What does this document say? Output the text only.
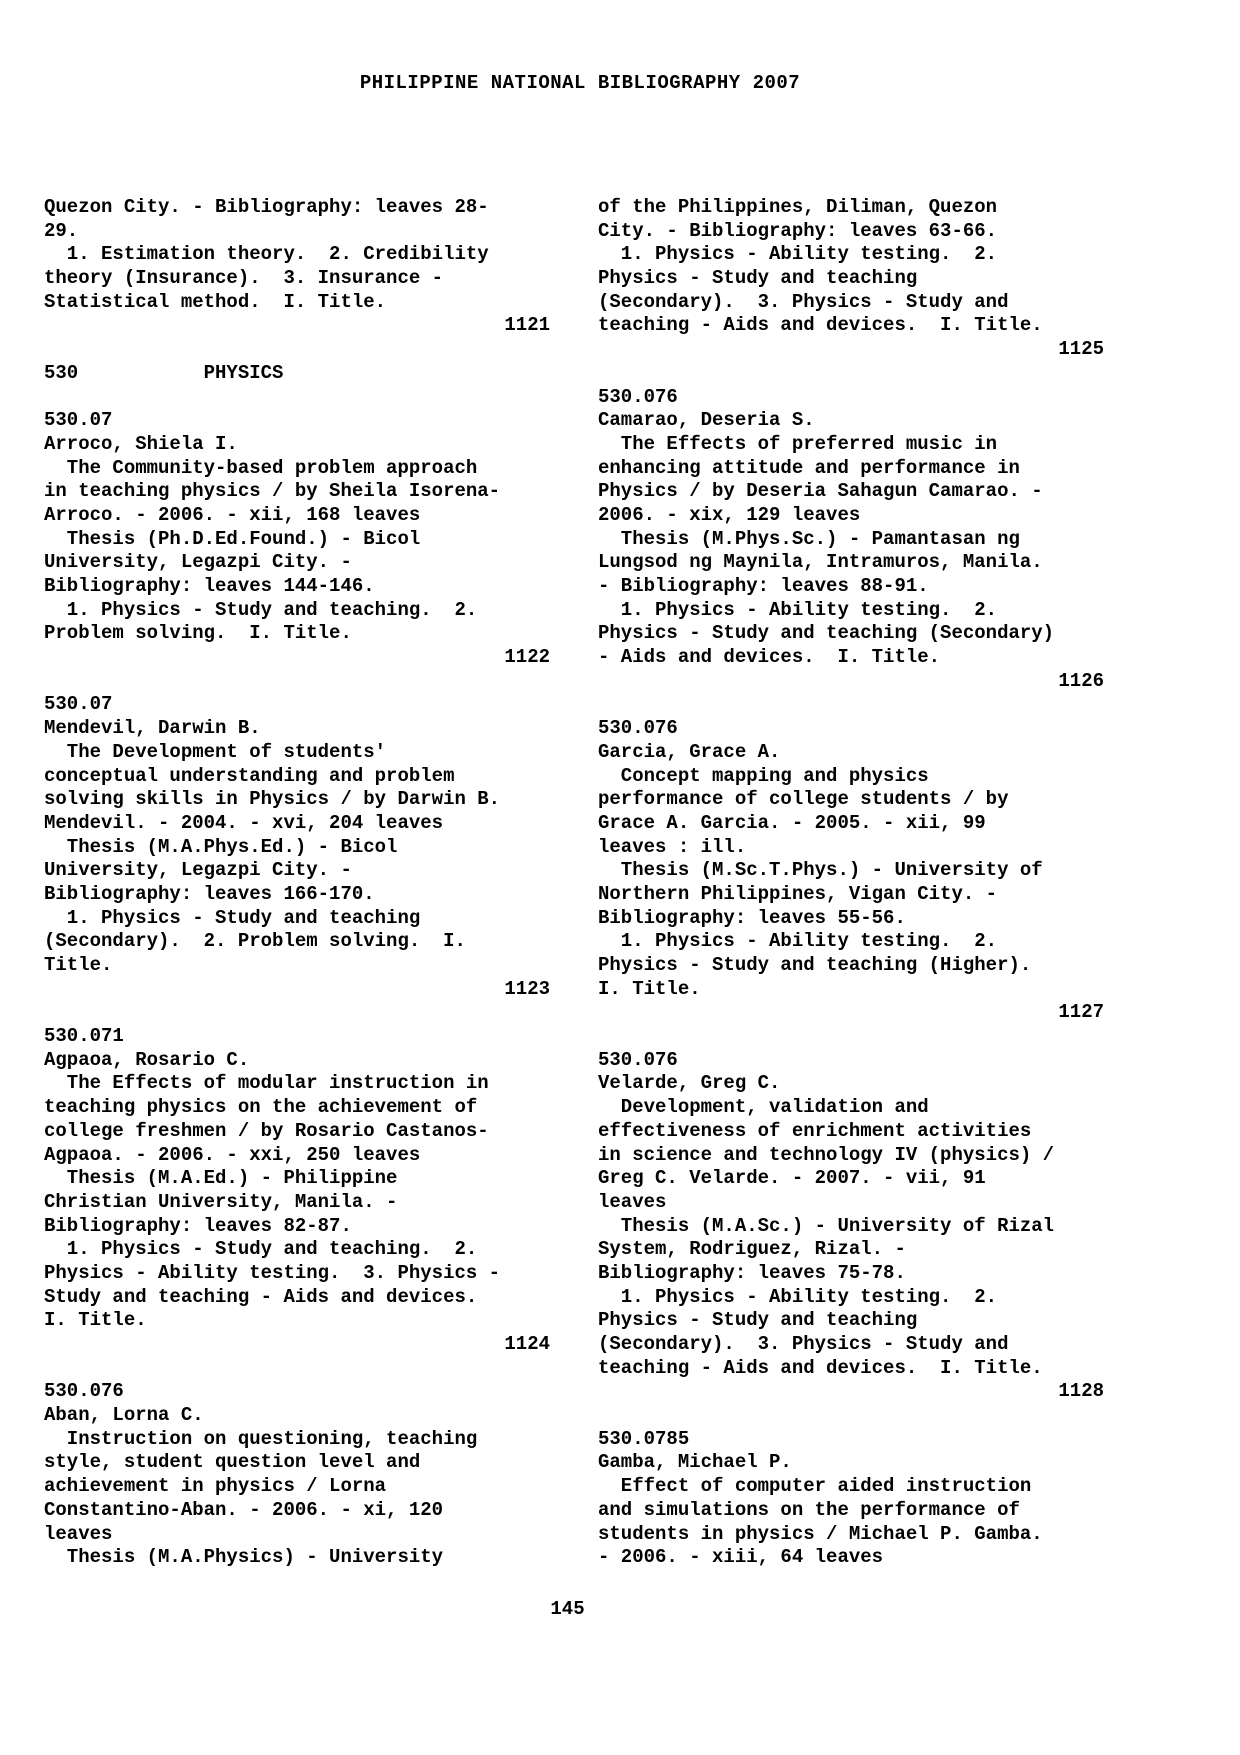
PHILIPPINE NATIONAL BIBLIOGRAPHY 2007
Quezon City. - Bibliography: leaves 28-
29.
1. Estimation theory.  2. Credibility
theory (Insurance).  3. Insurance -
Statistical method.  I. Title.
1121
530           PHYSICS
530.07
Arroco, Shiela I.
The Community-based problem approach
in teaching physics / by Sheila Isorena-
Arroco. - 2006. - xii, 168 leaves
Thesis (Ph.D.Ed.Found.) - Bicol
University, Legazpi City. -
Bibliography: leaves 144-146.
1. Physics - Study and teaching.  2.
Problem solving.  I. Title.
1122
530.07
Mendevil, Darwin B.
The Development of students'
conceptual understanding and problem
solving skills in Physics / by Darwin B.
Mendevil. - 2004. - xvi, 204 leaves
Thesis (M.A.Phys.Ed.) - Bicol
University, Legazpi City. -
Bibliography: leaves 166-170.
1. Physics - Study and teaching
(Secondary).  2. Problem solving.  I.
Title.
1123
530.071
Agpaoa, Rosario C.
The Effects of modular instruction in
teaching physics on the achievement of
college freshmen / by Rosario Castanos-
Agpaoa. - 2006. - xxi, 250 leaves
Thesis (M.A.Ed.) - Philippine
Christian University, Manila. -
Bibliography: leaves 82-87.
1. Physics - Study and teaching.  2.
Physics - Ability testing.  3. Physics -
Study and teaching - Aids and devices.
I. Title.
1124
530.076
Aban, Lorna C.
Instruction on questioning, teaching
style, student question level and
achievement in physics / Lorna
Constantino-Aban. - 2006. - xi, 120
leaves
Thesis (M.A.Physics) - University
of the Philippines, Diliman, Quezon
City. - Bibliography: leaves 63-66.
1. Physics - Ability testing.  2.
Physics - Study and teaching
(Secondary).  3. Physics - Study and
teaching - Aids and devices.  I. Title.
1125
530.076
Camarao, Deseria S.
The Effects of preferred music in
enhancing attitude and performance in
Physics / by Deseria Sahagun Camarao. -
2006. - xix, 129 leaves
Thesis (M.Phys.Sc.) - Pamantasan ng
Lungsod ng Maynila, Intramuros, Manila.
- Bibliography: leaves 88-91.
1. Physics - Ability testing.  2.
Physics - Study and teaching (Secondary)
- Aids and devices.  I. Title.
1126
530.076
Garcia, Grace A.
Concept mapping and physics
performance of college students / by
Grace A. Garcia. - 2005. - xii, 99
leaves : ill.
Thesis (M.Sc.T.Phys.) - University of
Northern Philippines, Vigan City. -
Bibliography: leaves 55-56.
1. Physics - Ability testing.  2.
Physics - Study and teaching (Higher).
I. Title.
1127
530.076
Velarde, Greg C.
Development, validation and
effectiveness of enrichment activities
in science and technology IV (physics) /
Greg C. Velarde. - 2007. - vii, 91
leaves
Thesis (M.A.Sc.) - University of Rizal
System, Rodriguez, Rizal. -
Bibliography: leaves 75-78.
1. Physics - Ability testing.  2.
Physics - Study and teaching
(Secondary).  3. Physics - Study and
teaching - Aids and devices.  I. Title.
1128
530.0785
Gamba, Michael P.
Effect of computer aided instruction
and simulations on the performance of
students in physics / Michael P. Gamba.
- 2006. - xiii, 64 leaves
145
